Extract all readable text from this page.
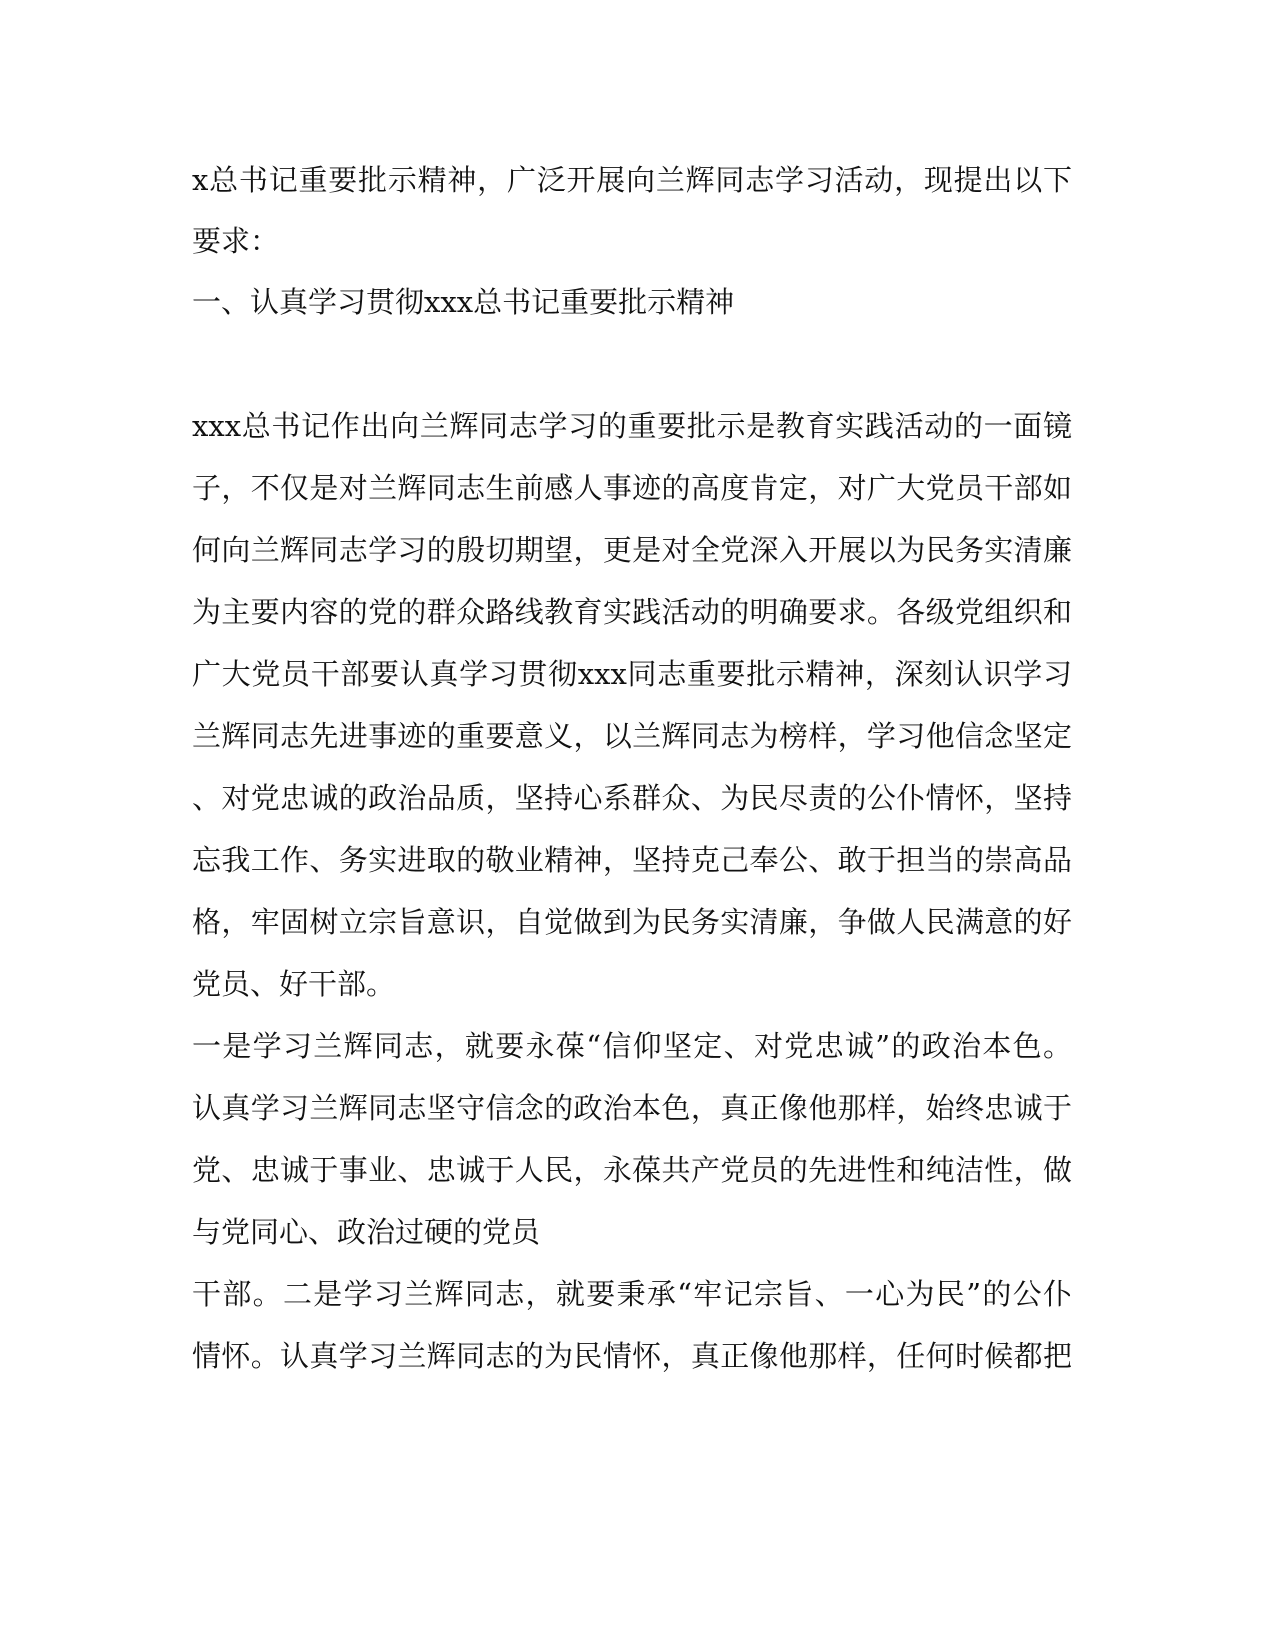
x总书记重要批示精神，广泛开展向兰辉同志学习活动，现提出以下
要求：
一、认真学习贯彻xxx总书记重要批示精神
xxx总书记作出向兰辉同志学习的重要批示是教育实践活动的一面镜
子，不仅是对兰辉同志生前感人事迹的高度肯定，对广大党员干部如
何向兰辉同志学习的殷切期望，更是对全党深入开展以为民务实清廉
为主要内容的党的群众路线教育实践活动的明确要求。各级党组织和
广大党员干部要认真学习贯彻xxx同志重要批示精神，深刻认识学习
兰辉同志先进事迹的重要意义，以兰辉同志为榜样，学习他信念坚定
、对党忠诚的政治品质，坚持心系群众、为民尽责的公仆情怀，坚持
忘我工作、务实进取的敬业精神，坚持克己奉公、敢于担当的崇高品
格，牢固树立宗旨意识，自觉做到为民务实清廉，争做人民满意的好
党员、好干部。
一是学习兰辉同志，就要永葆“信仰坚定、对党忠诚”的政治本色。
认真学习兰辉同志坚守信念的政治本色，真正像他那样，始终忠诚于
党、忠诚于事业、忠诚于人民，永葆共产党员的先进性和纯洁性，做
与党同心、政治过硬的党员
干部。二是学习兰辉同志，就要秉承“牢记宗旨、一心为民”的公仆
情怀。认真学习兰辉同志的为民情怀，真正像他那样，任何时候都把
